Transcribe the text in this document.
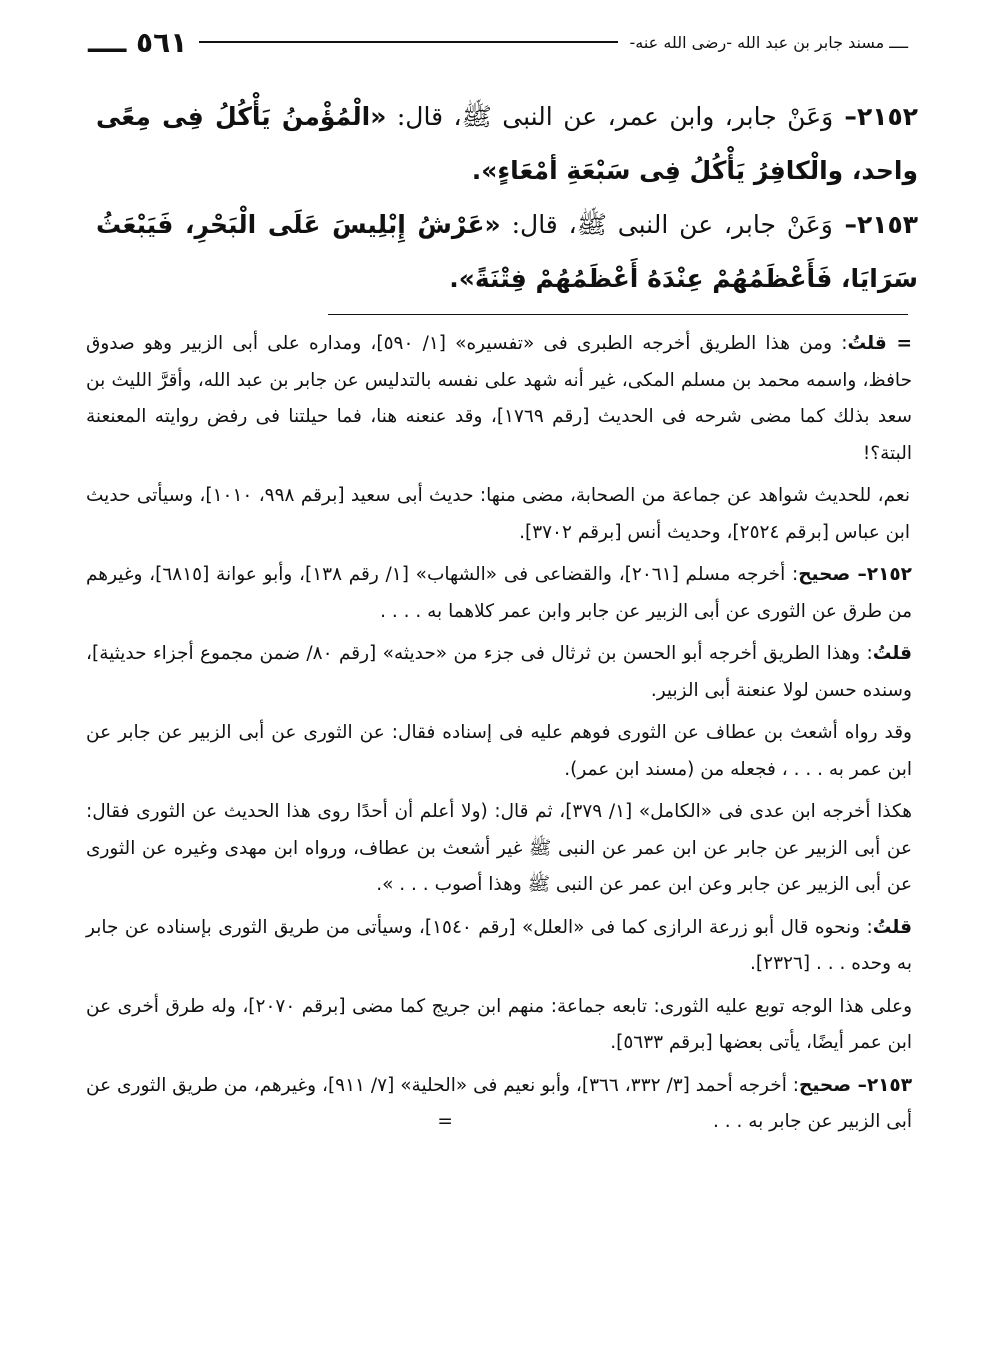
ــــ مسند جابر بن عبد الله -رضى الله عنه-
٥٦١ ــــ
٢١٥٢– وَعَنْ جابر، وابن عمر، عن النبى ﷺ، قال: «الْمُؤْمنُ يَأْكُلُ فِى مِعًى واحد، والْكافِرُ يَأْكُلُ فِى سَبْعَةِ أمْعَاءٍ».
٢١٥٣– وَعَنْ جابر، عن النبى ﷺ، قال: «عَرْشُ إِبْلِيسَ عَلَى الْبَحْرِ، فَيَبْعَثُ سَرَايَا، فَأَعْظَمُهُمْ عِنْدَهُ أَعْظَمُهُمْ فِتْنَةً».

= قلتُ: ومن هذا الطريق أخرجه الطبرى فى «تفسيره» [١/ ٥٩٠]، ومداره على أبى الزبير وهو صدوق حافظ، واسمه محمد بن مسلم المكى، غير أنه شهد على نفسه بالتدليس عن جابر بن عبد الله، وأقرَّ الليث بن سعد بذلك كما مضى شرحه فى الحديث [رقم ١٧٦٩]، وقد عنعنه هنا، فما حيلتنا فى رفض روايته المعنعنة البتة؟!

نعم، للحديث شواهد عن جماعة من الصحابة، مضى منها: حديث أبى سعيد [برقم ٩٩٨، ١٠١٠]، وسيأتى حديث ابن عباس [برقم ٢٥٢٤]، وحديث أنس [برقم ٣٧٠٢].

٢١٥٢– صحيح: أخرجه مسلم [٢٠٦١]، والقضاعى فى «الشهاب» [١/ رقم ١٣٨]، وأبو عوانة [٦٨١٥]، وغيرهم من طرق عن الثورى عن أبى الزبير عن جابر وابن عمر كلاهما به . . . .

قلتُ: وهذا الطريق أخرجه أبو الحسن بن ثرثال فى جزء من «حديثه» [رقم ٨٠/ ضمن مجموع أجزاء حديثية]، وسنده حسن لولا عنعنة أبى الزبير.

وقد رواه أشعث بن عطاف عن الثورى فوهم عليه فى إسناده فقال: عن الثورى عن أبى الزبير عن جابر عن ابن عمر به . . . ، فجعله من (مسند ابن عمر).

هكذا أخرجه ابن عدى فى «الكامل» [١/ ٣٧٩]، ثم قال: (ولا أعلم أن أحدًا روى هذا الحديث عن الثورى فقال: عن أبى الزبير عن جابر عن ابن عمر عن النبى ﷺ غير أشعث بن عطاف، ورواه ابن مهدى وغيره عن الثورى عن أبى الزبير عن جابر وعن ابن عمر عن النبى ﷺ وهذا أصوب . . . ».

قلتُ: ونحوه قال أبو زرعة الرازى كما فى «العلل» [رقم ١٥٤٠]، وسيأتى من طريق الثورى بإسناده عن جابر به وحده . . . [٢٣٢٦].

وعلى هذا الوجه توبع عليه الثورى: تابعه جماعة: منهم ابن جريج كما مضى [برقم ٢٠٧٠]، وله طرق أخرى عن ابن عمر أيضًا، يأتى بعضها [برقم ٥٦٣٣].

٢١٥٣– صحيح: أخرجه أحمد [٣/ ٣٣٢، ٣٦٦]، وأبو نعيم فى «الحلية» [٧/ ٩١١]، وغيرهم، من طريق الثورى عن أبى الزبير عن جابر به . . .=
